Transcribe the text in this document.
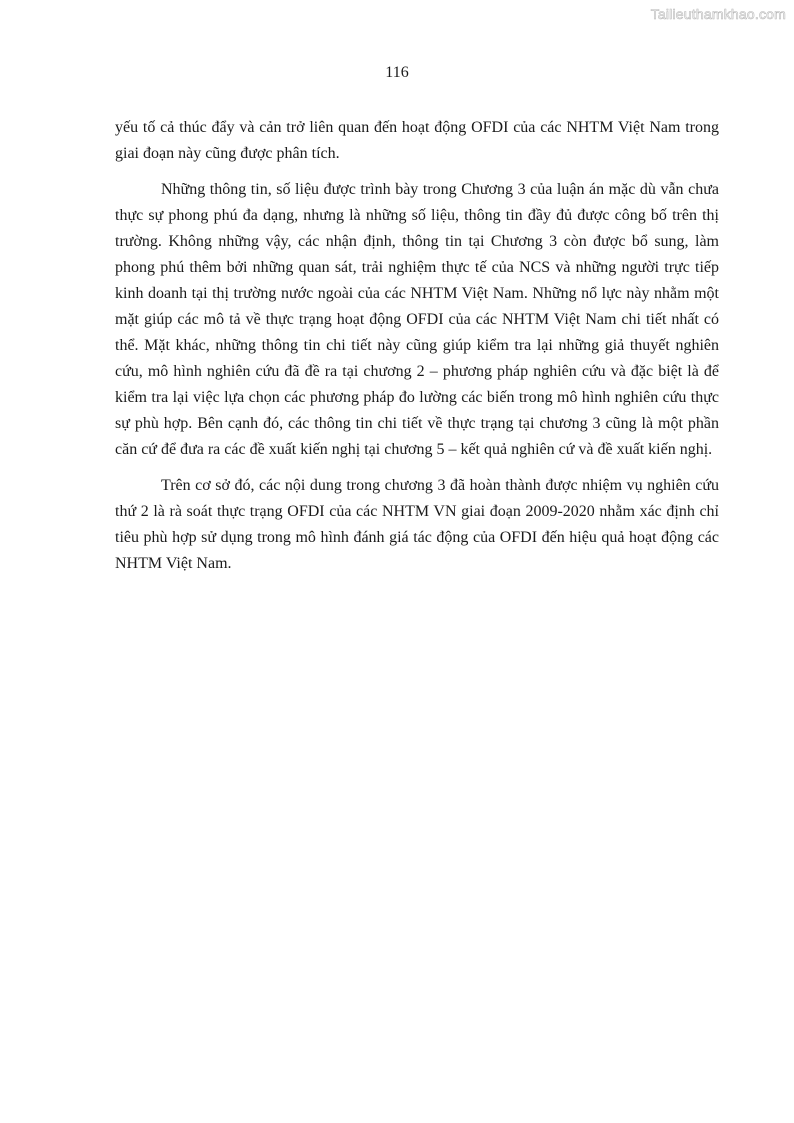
Tailieuthamkhao.com
116

yếu tố cả thúc đẩy và cản trở liên quan đến hoạt động OFDI của các NHTM Việt Nam trong giai đoạn này cũng được phân tích.

Những thông tin, số liệu được trình bày trong Chương 3 của luận án mặc dù vẫn chưa thực sự phong phú đa dạng, nhưng là những số liệu, thông tin đầy đủ được công bố trên thị trường. Không những vậy, các nhận định, thông tin tại Chương 3 còn được bổ sung, làm phong phú thêm bởi những quan sát, trải nghiệm thực tế của NCS và những người trực tiếp kinh doanh tại thị trường nước ngoài của các NHTM Việt Nam. Những nổ lực này nhằm một mặt giúp các mô tả về thực trạng hoạt động OFDI của các NHTM Việt Nam chi tiết nhất có thể. Mặt khác, những thông tin chi tiết này cũng giúp kiểm tra lại những giả thuyết nghiên cứu, mô hình nghiên cứu đã đề ra tại chương 2 – phương pháp nghiên cứu và đặc biệt là để kiểm tra lại việc lựa chọn các phương pháp đo lường các biến trong mô hình nghiên cứu thực sự phù hợp. Bên cạnh đó, các thông tin chi tiết về thực trạng tại chương 3 cũng là một phần căn cứ để đưa ra các đề xuất kiến nghị tại chương 5 – kết quả nghiên cứ và đề xuất kiến nghị.

Trên cơ sở đó, các nội dung trong chương 3 đã hoàn thành được nhiệm vụ nghiên cứu thứ 2 là rà soát thực trạng OFDI của các NHTM VN giai đoạn 2009-2020 nhằm xác định chỉ tiêu phù hợp sử dụng trong mô hình đánh giá tác động của OFDI đến hiệu quả hoạt động các NHTM Việt Nam.
